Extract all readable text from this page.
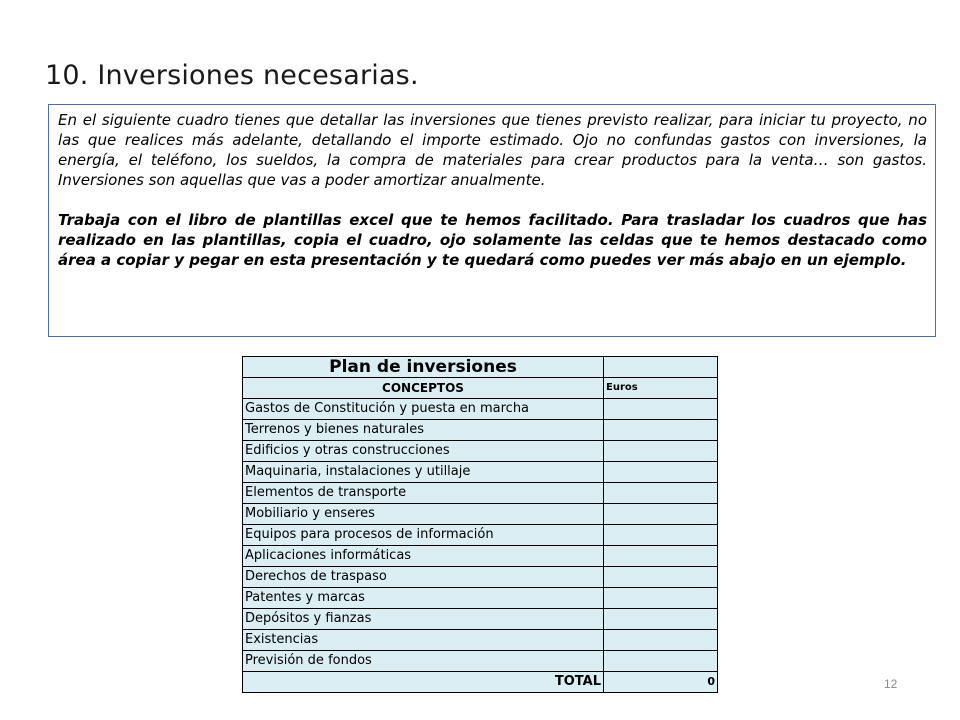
10. Inversiones necesarias.

En el siguiente cuadro tienes que detallar las inversiones que tienes previsto realizar, para iniciar tu proyecto, no las que realices más adelante, detallando el importe estimado. Ojo no confundas gastos con inversiones, la energía, el teléfono, los sueldos, la compra de materiales para crear productos para la venta… son gastos. Inversiones son aquellas que vas a poder amortizar anualmente.

Trabaja con el libro de plantillas excel que te hemos facilitado. Para trasladar los cuadros que has realizado en las plantillas, copia el cuadro, ojo solamente las celdas que te hemos destacado como área a copiar y pegar en esta presentación y te quedará como puedes ver más abajo en un ejemplo.

Plan de inversiones	
CONCEPTOS	Euros
Gastos de Constitución y puesta en marcha	
Terrenos y bienes naturales	
Edificios y otras construcciones	
Maquinaria, instalaciones y utillaje	
Elementos de transporte	
Mobiliario y enseres	
Equipos para procesos de información	
Aplicaciones informáticas	
Derechos de traspaso	
Patentes y marcas	
Depósitos y fianzas	
Existencias	
Previsión de fondos	
TOTAL	0	12
